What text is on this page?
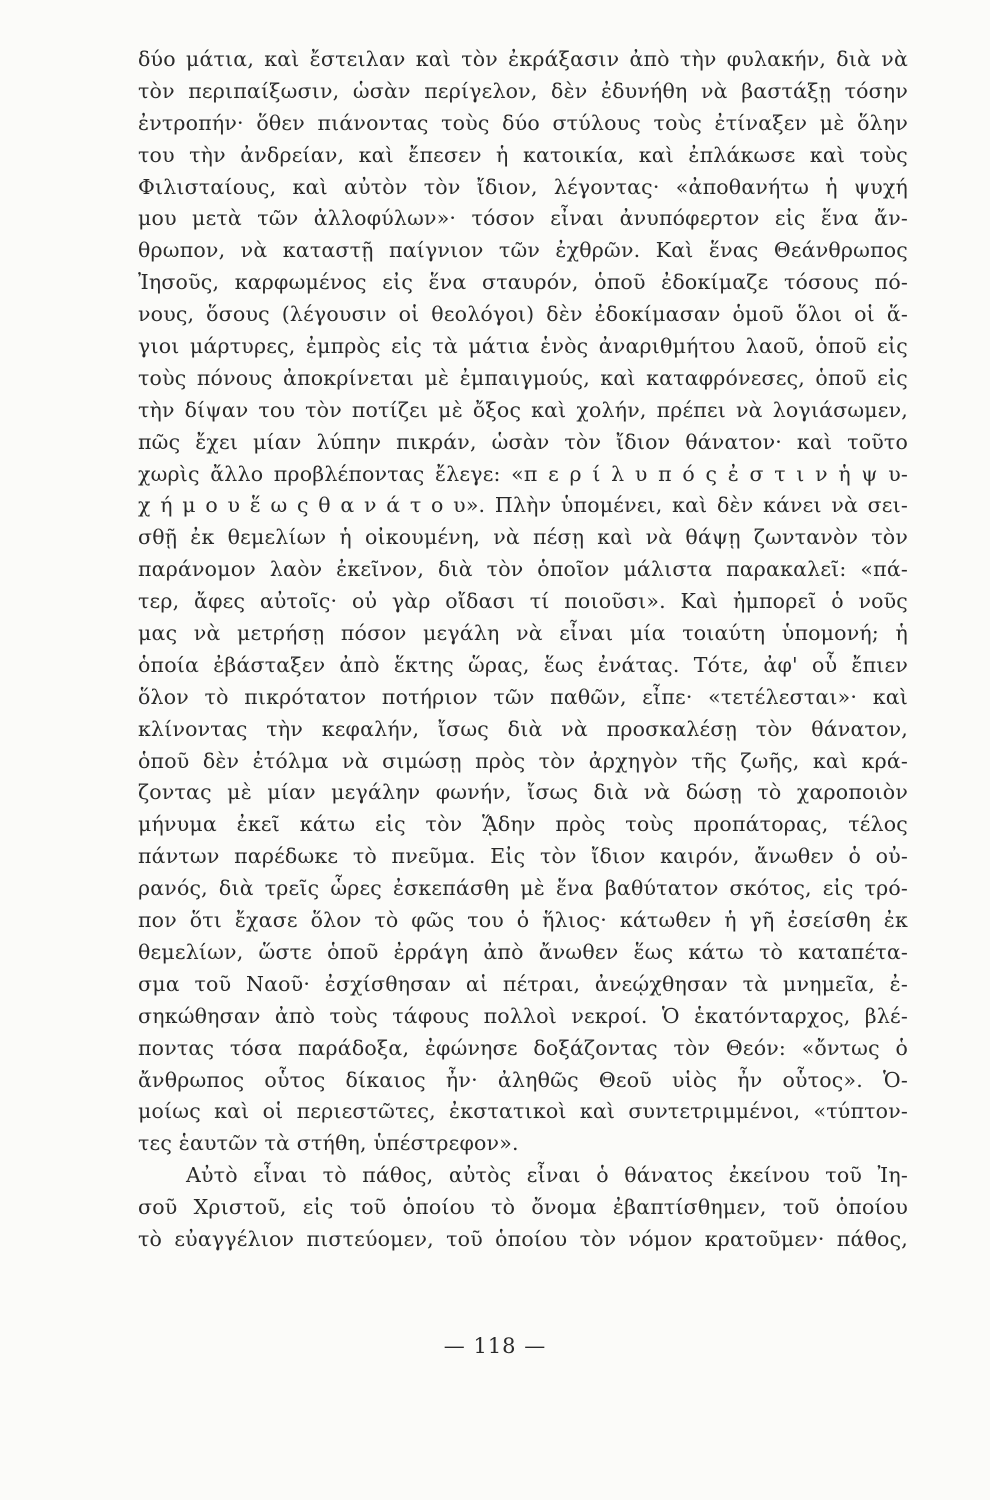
δύο μάτια, καὶ ἔστειλαν καὶ τὸν ἐκράξασιν ἀπὸ τὴν φυλακήν, διὰ νὰ
τὸν περιπαίξωσιν, ὡσὰν περίγελον, δὲν ἐδυνήθη νὰ βαστάξῃ τόσην
ἐντροπήν· ὅθεν πιάνοντας τοὺς δύο στύλους τοὺς ἐτίναξεν μὲ ὅλην
του τὴν ἀνδρείαν, καὶ ἔπεσεν ἡ κατοικία, καὶ ἐπλάκωσε καὶ τοὺς
Φιλισταίους, καὶ αὐτὸν τὸν ἴδιον, λέγοντας· «ἀποθανήτω ἡ ψυχή
μου μετὰ τῶν ἀλλοφύλων»· τόσον εἶναι ἀνυπόφερτον εἰς ἕνα ἄν-
θρωπον, νὰ καταστῇ παίγνιον τῶν ἐχθρῶν. Καὶ ἕνας Θεάνθρωπος
Ἰησοῦς, καρφωμένος εἰς ἕνα σταυρόν, ὁποῦ ἐδοκίμαζε τόσους πό-
νους, ὅσους (λέγουσιν οἱ θεολόγοι) δὲν ἐδοκίμασαν ὁμοῦ ὅλοι οἱ ἅ-
γιοι μάρτυρες, ἐμπρὸς εἰς τὰ μάτια ἑνὸς ἀναριθμήτου λαοῦ, ὁποῦ εἰς
τοὺς πόνους ἀποκρίνεται μὲ ἐμπαιγμούς, καὶ καταφρόνεσες, ὁποῦ εἰς
τὴν δίψαν του τὸν ποτίζει μὲ ὄξος καὶ χολήν, πρέπει νὰ λογιάσωμεν,
πῶς ἔχει μίαν λύπην πικράν, ὡσὰν τὸν ἴδιον θάνατον· καὶ τοῦτο
χωρὶς ἄλλο προβλέποντας ἔλεγε: «π ε ρ ί λ υ π ό ς ἐ σ τ ι ν ἡ ψ υ-
χ ή μ ο υ ἕ ω ς θ α ν ά τ ο υ». Πλὴν ὑπομένει, καὶ δὲν κάνει νὰ σει-
σθῇ ἐκ θεμελίων ἡ οἰκουμένη, νὰ πέσῃ καὶ νὰ θάψῃ ζωντανὸν τὸν
παράνομον λαὸν ἐκεῖνον, διὰ τὸν ὁποῖον μάλιστα παρακαλεῖ: «πά-
τερ, ἄφες αὐτοῖς· οὐ γὰρ οἴδασι τί ποιοῦσι». Καὶ ἠμπορεῖ ὁ νοῦς
μας νὰ μετρήσῃ πόσον μεγάλη νὰ εἶναι μία τοιαύτη ὑπομονή; ἡ
ὁποία ἐβάσταξεν ἀπὸ ἕκτης ὥρας, ἕως ἐνάτας. Τότε, ἀφ' οὗ ἔπιεν
ὅλον τὸ πικρότατον ποτήριον τῶν παθῶν, εἶπε· «τετέλεσται»· καὶ
κλίνοντας τὴν κεφαλήν, ἴσως διὰ νὰ προσκαλέσῃ τὸν θάνατον,
ὁποῦ δὲν ἐτόλμα νὰ σιμώσῃ πρὸς τὸν ἀρχηγὸν τῆς ζωῆς, καὶ κρά-
ζοντας μὲ μίαν μεγάλην φωνήν, ἴσως διὰ νὰ δώσῃ τὸ χαροποιὸν
μήνυμα ἐκεῖ κάτω εἰς τὸν ᾍδην πρὸς τοὺς προπάτορας, τέλος
πάντων παρέδωκε τὸ πνεῦμα. Εἰς τὸν ἴδιον καιρόν, ἄνωθεν ὁ οὐ-
ρανός, διὰ τρεῖς ὧρες ἐσκεπάσθη μὲ ἕνα βαθύτατον σκότος, εἰς τρό-
πον ὅτι ἔχασε ὅλον τὸ φῶς του ὁ ἥλιος· κάτωθεν ἡ γῆ ἐσείσθη ἐκ
θεμελίων, ὥστε ὁποῦ ἐρράγη ἀπὸ ἄνωθεν ἕως κάτω τὸ καταπέτα-
σμα τοῦ Ναοῦ· ἐσχίσθησαν αἱ πέτραι, ἀνεῴχθησαν τὰ μνημεῖα, ἐ-
σηκώθησαν ἀπὸ τοὺς τάφους πολλοὶ νεκροί. Ὁ ἑκατόνταρχος, βλέ-
ποντας τόσα παράδοξα, ἐφώνησε δοξάζοντας τὸν Θεόν: «ὄντως ὁ
ἄνθρωπος οὗτος δίκαιος ἦν· ἀληθῶς Θεοῦ υἱὸς ἦν οὗτος». Ὁ-
μοίως καὶ οἱ περιεστῶτες, ἐκστατικοὶ καὶ συντετριμμένοι, «τύπτον-
τες ἑαυτῶν τὰ στήθη, ὑπέστρεφον».
Αὐτὸ εἶναι τὸ πάθος, αὐτὸς εἶναι ὁ θάνατος ἐκείνου τοῦ Ἰη-
σοῦ Χριστοῦ, εἰς τοῦ ὁποίου τὸ ὄνομα ἐβαπτίσθημεν, τοῦ ὁποίου
τὸ εὐαγγέλιον πιστεύομεν, τοῦ ὁποίου τὸν νόμον κρατοῦμεν· πάθος,
— 118 —
